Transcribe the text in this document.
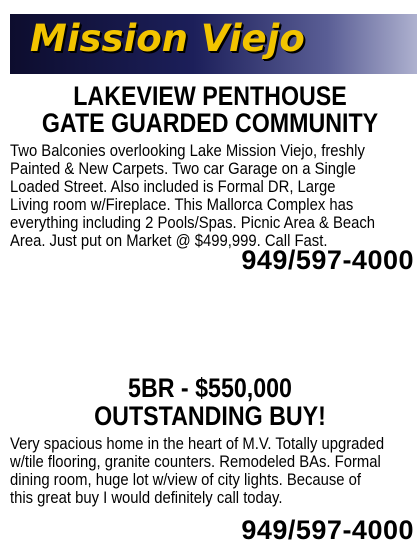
Mission Viejo
LAKEVIEW PENTHOUSE
GATE GUARDED COMMUNITY
Two Balconies overlooking Lake Mission Viejo, freshly
Painted & New Carpets. Two car Garage on a Single
Loaded Street. Also included is Formal DR, Large
Living room w/Fireplace. This Mallorca Complex has
everything including 2 Pools/Spas. Picnic Area & Beach
Area. Just put on Market @ $499,999. Call Fast.
949/597-4000
5BR - $550,000
OUTSTANDING BUY!
Very spacious home in the heart of M.V. Totally upgraded
w/tile flooring, granite counters. Remodeled BAs. Formal
dining room, huge lot w/view of city lights. Because of
this great buy I would definitely call today.
949/597-4000
